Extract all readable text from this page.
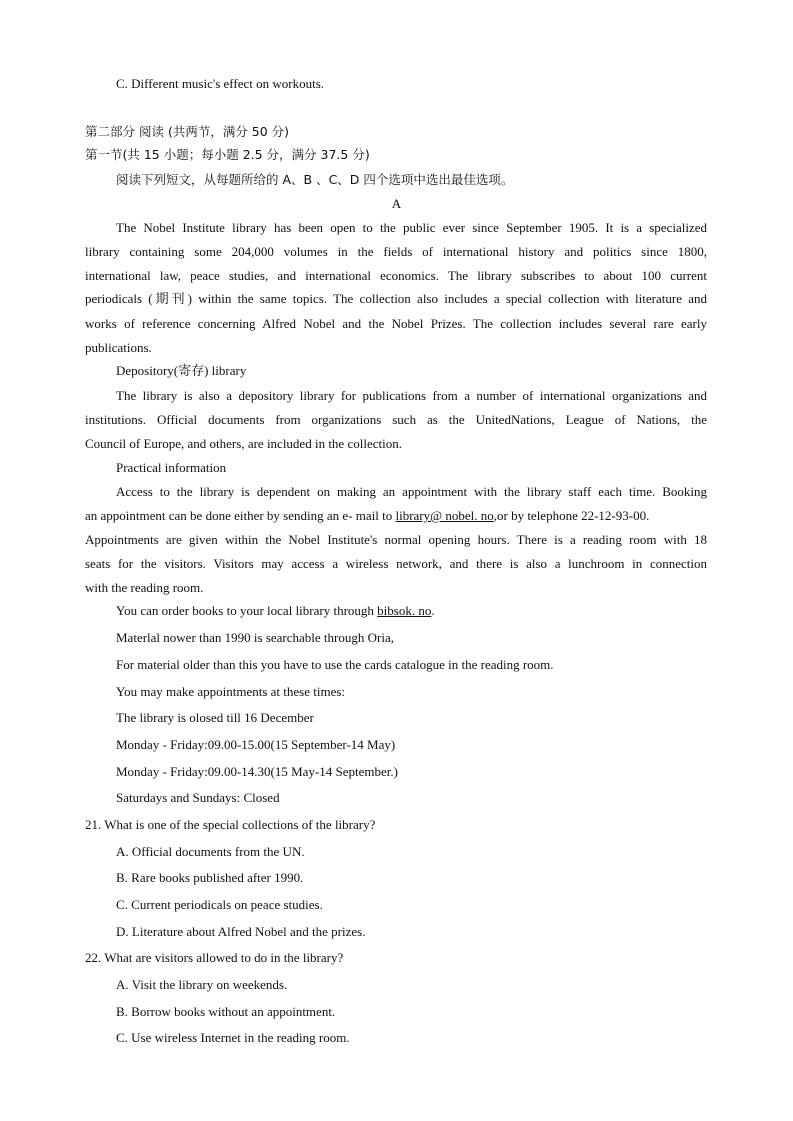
C. Different music's effect on workouts.
第二部分 阅读 (共两节，满分 50 分)
第一节(共 15 小题；每小题 2.5 分，满分 37.5 分)
阅读下列短文，从每题所给的 A、B 、C、D 四个选项中选出最佳选项。
A
The Nobel Institute library has been open to the public ever since September 1905. It is a specialized
library containing some 204,000 volumes in the fields of international history and politics since 1800,
international law, peace studies, and international economics. The library subscribes to about 100 current
periodicals (期刊) within the same topics. The collection also includes a special collection with literature and
works of reference concerning Alfred Nobel and the Nobel Prizes. The collection includes several rare early
publications.
Depository(寄存) library
The library is also a depository library for publications from a number of international organizations and
institutions. Official documents from organizations such as the UnitedNations, League of Nations, the
Council of Europe, and others, are included in the collection.
Practical information
Access to the library is dependent on making an appointment with the library staff each time. Booking
an appointment can be done either by sending an e- mail to library@ nobel. no,or by telephone 22-12-93-00.
Appointments are given within the Nobel Institute's normal opening hours. There is a reading room with 18
seats for the visitors. Visitors may access a wireless network, and there is also a lunchroom in connection
with the reading room.
You can order books to your local library through bibsok. no.
Materlal nower than 1990 is searchable through Oria,
For material older than this you have to use the cards catalogue in the reading room.
You may make appointments at these times:
The library is olosed till 16 December
Monday - Friday:09.00-15.00(15 September-14 May)
Monday - Friday:09.00-14.30(15 May-14 September.)
Saturdays and Sundays: Closed
21. What is one of the special collections of the library?
A. Official documents from the UN.
B. Rare books published after 1990.
C. Current periodicals on peace studies.
D. Literature about Alfred Nobel and the prizes.
22. What are visitors allowed to do in the library?
A. Visit the library on weekends.
B. Borrow books without an appointment.
C. Use wireless Internet in the reading room.
